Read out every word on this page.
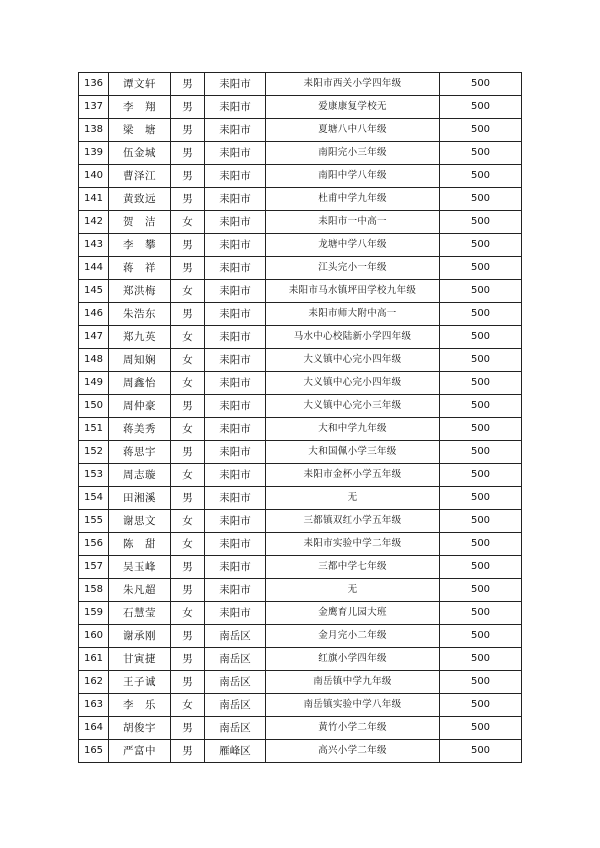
136	谭文轩	男	耒阳市	耒阳市西关小学四年级	500
137	李　翔	男	耒阳市	爱康康复学校无	500
138	梁　塘	男	耒阳市	夏塘八中八年级	500
139	伍金城	男	耒阳市	南阳完小三年级	500
140	曹泽江	男	耒阳市	南阳中学八年级	500
141	黄致远	男	耒阳市	杜甫中学九年级	500
142	贺　洁	女	耒阳市	耒阳市一中高一	500
143	李　攀	男	耒阳市	龙塘中学八年级	500
144	蒋　祥	男	耒阳市	江头完小一年级	500
145	郑洪梅	女	耒阳市	耒阳市马水镇坪田学校九年级	500
146	朱浩东	男	耒阳市	耒阳市师大附中高一	500
147	郑九英	女	耒阳市	马水中心校陆新小学四年级	500
148	周知娴	女	耒阳市	大义镇中心完小四年级	500
149	周鑫怡	女	耒阳市	大义镇中心完小四年级	500
150	周仲豪	男	耒阳市	大义镇中心完小三年级	500
151	蒋美秀	女	耒阳市	大和中学九年级	500
152	蒋思宇	男	耒阳市	大和国佩小学三年级	500
153	周志璇	女	耒阳市	耒阳市金杯小学五年级	500
154	田湘溪	男	耒阳市	无	500
155	谢思文	女	耒阳市	三都镇双红小学五年级	500
156	陈　甜	女	耒阳市	耒阳市实验中学二年级	500
157	吴玉峰	男	耒阳市	三都中学七年级	500
158	朱凡超	男	耒阳市	无	500
159	石慧莹	女	耒阳市	金鹰育儿园大班	500
160	谢承刚	男	南岳区	金月完小二年级	500
161	甘寅捷	男	南岳区	红旗小学四年级	500
162	王子诚	男	南岳区	南岳镇中学九年级	500
163	李　乐	女	南岳区	南岳镇实验中学八年级	500
164	胡俊宇	男	南岳区	黄竹小学二年级	500
165	严富中	男	雁峰区	高兴小学二年级	500
